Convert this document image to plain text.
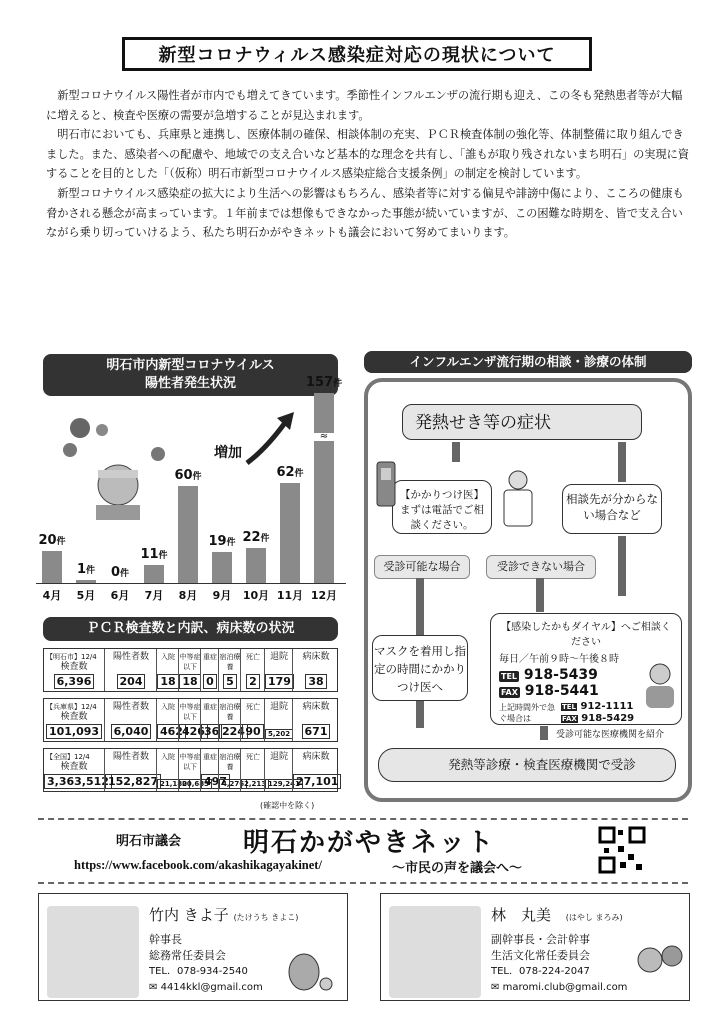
新型コロナウィルス感染症対応の現状について

新型コロナウイルス陽性者が市内でも増えてきています。季節性インフルエンザの流行期も迎え、この冬も発熱患者等が大幅に増えると、検査や医療の需要が急増することが見込まれます。

明石市においても、兵庫県と連携し、医療体制の確保、相談体制の充実、ＰＣＲ検査体制の強化等、体制整備に取り組んできました。また、感染者への配慮や、地域での支え合いなど基本的な理念を共有し、「誰もが取り残されないまち明石」の実現に資することを目的とした「（仮称）明石市新型コロナウイルス感染症総合支援条例」の制定を検討しています。

新型コロナウイルス感染症の拡大により生活への影響はもちろん、感染者等に対する偏見や誹謗中傷により、こころの健康も脅かされる懸念が高まっています。１年前までは想像もできなかった事態が続いていますが、この困難な時期を、皆で支え合いながら乗り切っていけるよう、私たち明石かがやきネットも議会において努めてまいります。

明石市内新型コロナウイルス
陽性者発生状況
増加
20件
4月
1件
5月
0件
6月
11件
7月
60件
8月
19件
9月
22件
10月
62件
11月
≈
157件
12月
ＰＣＲ検査数と内訳、病床数の状況
【明石市】12/4
検査数
6,396
陽性者数
204
入院
18
中等症以下
18
重症
0
宿泊療養
5
死亡
2
退院
179
病床数
38
【兵庫県】12/4
検査数
101,093
陽性者数
6,040
入院
462
中等症以下
426
重症
36
宿泊療養
224
死亡
90
退院
5,202
病床数
671
【全国】12/4
検査数
3,363,512
陽性者数
152,827
入院
21,180
中等症以下
20,683
重症
497
宿泊療養
4,276
死亡
2,213
退院
129,241
病床数
27,101
(確認中を除く)
インフルエンザ流行期の相談・診療の体制
発熱せき等の症状
【かかりつけ医】まずは電話でご相談ください。
相談先が分からない場合など
受診可能な場合	受診できない場合
マスクを着用し指定の時間にかかりつけ医へ
【感染したかもダイヤル】へご相談ください
毎日／午前９時〜午後８時
TEL 918-5439
FAX 918-5441
上記時間外で急ぐ場合は
TEL 912-1111
FAX 918-5429
受診可能な医療機関を紹介
発熱等診療・検査医療機関で受診
明石市議会 明石かがやきネット
https://www.facebook.com/akashikagayakinet/	〜市民の声を議会へ〜
竹内 きよ子 (たけうち きよこ)
幹事長
総務常任委員会
TEL．078-934-2540
✉ 4414kkl@gmail.com
林　丸美 (はやし まろみ)
副幹事長・会計幹事
生活文化常任委員会
TEL．078-224-2047
✉ maromi.club@gmail.com
